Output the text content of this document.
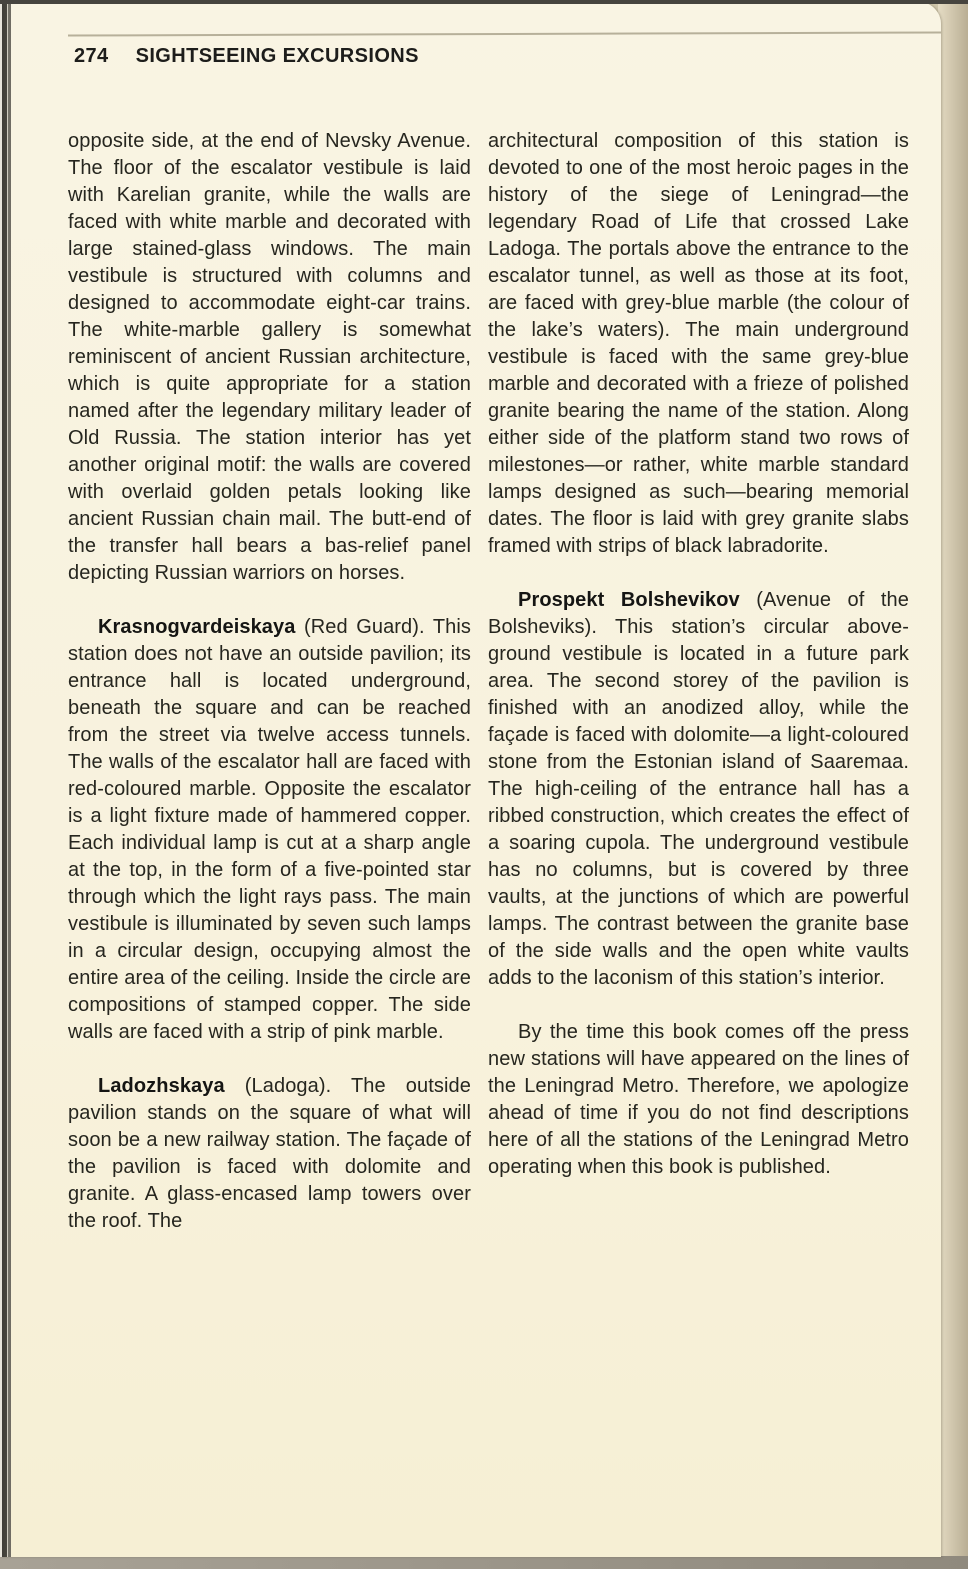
274 SIGHTSEEING EXCURSIONS

opposite side, at the end of Nevsky Avenue. The floor of the escalator vestibule is laid with Karelian granite, while the walls are faced with white marble and decorated with large stained-glass windows. The main vestibule is structured with columns and designed to accommodate eight-car trains. The white-marble gallery is somewhat reminiscent of ancient Russian architecture, which is quite appropriate for a station named after the legendary military leader of Old Russia. The station interior has yet another original motif: the walls are covered with overlaid golden petals looking like ancient Russian chain mail. The butt-end of the transfer hall bears a bas-relief panel depicting Russian warriors on horses.

Krasnogvardeiskaya (Red Guard). This station does not have an outside pavilion; its entrance hall is located underground, beneath the square and can be reached from the street via twelve access tunnels. The walls of the escalator hall are faced with red-coloured marble. Opposite the escalator is a light fixture made of hammered copper. Each individual lamp is cut at a sharp angle at the top, in the form of a five-pointed star through which the light rays pass. The main vestibule is illuminated by seven such lamps in a circular design, occupying almost the entire area of the ceiling. Inside the circle are compositions of stamped copper. The side walls are faced with a strip of pink marble.

Ladozhskaya (Ladoga). The outside pavilion stands on the square of what will soon be a new railway station. The façade of the pavilion is faced with dolomite and granite. A glass-encased lamp towers over the roof. The

architectural composition of this station is devoted to one of the most heroic pages in the history of the siege of Leningrad—the legendary Road of Life that crossed Lake Ladoga. The portals above the entrance to the escalator tunnel, as well as those at its foot, are faced with grey-blue marble (the colour of the lake’s waters). The main underground vestibule is faced with the same grey-blue marble and decorated with a frieze of polished granite bearing the name of the station. Along either side of the platform stand two rows of milestones—or rather, white marble standard lamps designed as such—bearing memorial dates. The floor is laid with grey granite slabs framed with strips of black labradorite.

Prospekt Bolshevikov (Avenue of the Bolsheviks). This station’s circular above-ground vestibule is located in a future park area. The second storey of the pavilion is finished with an anodized alloy, while the façade is faced with dolomite—a light-coloured stone from the Estonian island of Saaremaa. The high-ceiling of the entrance hall has a ribbed construction, which creates the effect of a soaring cupola. The underground vestibule has no columns, but is covered by three vaults, at the junctions of which are powerful lamps. The contrast between the granite base of the side walls and the open white vaults adds to the laconism of this station’s interior.

By the time this book comes off the press new stations will have appeared on the lines of the Leningrad Metro. Therefore, we apologize ahead of time if you do not find descriptions here of all the stations of the Leningrad Metro operating when this book is published.
